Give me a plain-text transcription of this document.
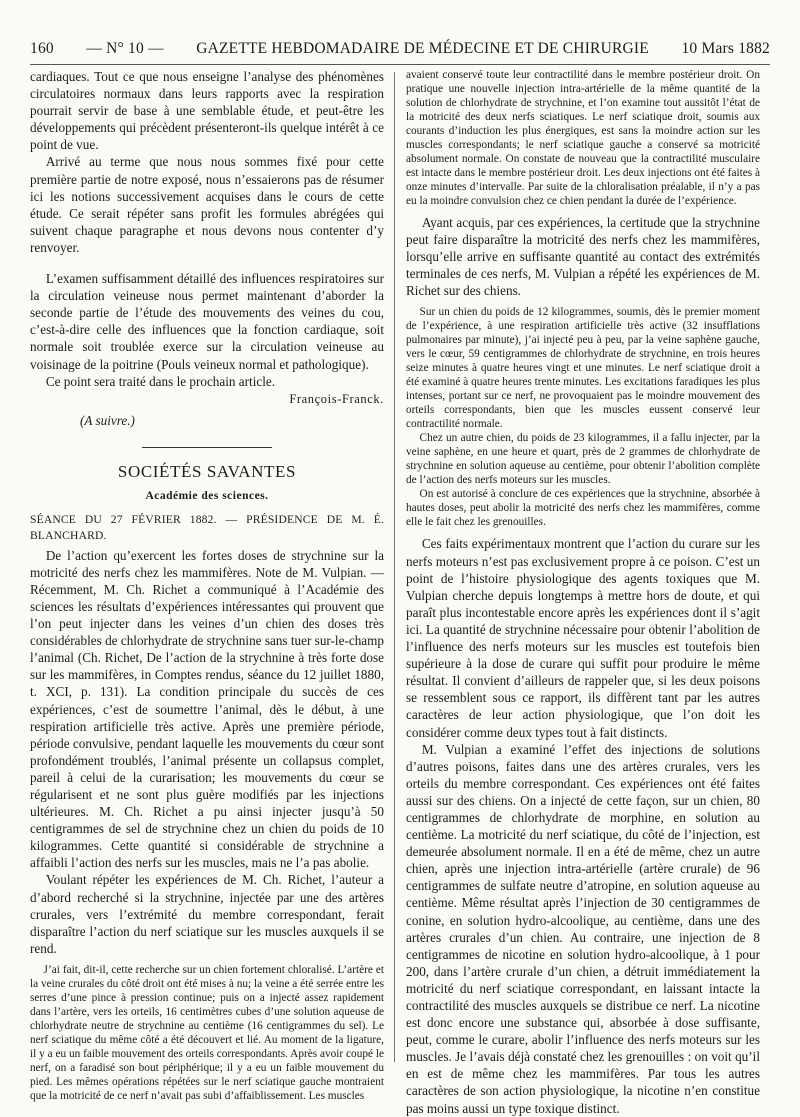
160 — N° 10 — GAZETTE HEBDOMADAIRE DE MÉDECINE ET DE CHIRURGIE 10 Mars 1882

cardiaques. Tout ce que nous enseigne l’analyse des phénomènes circulatoires normaux dans leurs rapports avec la respiration pourrait servir de base à une semblable étude, et peut-être les développements qui précèdent présenteront-ils quelque intérêt à ce point de vue.

Arrivé au terme que nous nous sommes fixé pour cette première partie de notre exposé, nous n’essaierons pas de résumer ici les notions successivement acquises dans le cours de cette étude. Ce serait répéter sans profit les formules abrégées qui suivent chaque paragraphe et nous devons nous contenter d’y renvoyer.

L’examen suffisamment détaillé des influences respiratoires sur la circulation veineuse nous permet maintenant d’aborder la seconde partie de l’étude des mouvements des veines du cou, c’est-à-dire celle des influences que la fonction cardiaque, soit normale soit troublée exerce sur la circulation veineuse au voisinage de la poitrine (Pouls veineux normal et pathologique).

Ce point sera traité dans le prochain article.

François-Franck.
(A suivre.)
SOCIÉTÉS SAVANTES
Académie des sciences.

SÉANCE DU 27 FÉVRIER 1882. — PRÉSIDENCE DE M. É. BLANCHARD.

De l’action qu’exercent les fortes doses de strychnine sur la motricité des nerfs chez les mammifères. Note de M. Vulpian. — Récemment, M. Ch. Richet a communiqué à l’Académie des sciences les résultats d’expériences intéressantes qui prouvent que l’on peut injecter dans les veines d’un chien des doses très considérables de chlorhydrate de strychnine sans tuer sur-le-champ l’animal (Ch. Richet, De l’action de la strychnine à très forte dose sur les mammifères, in Comptes rendus, séance du 12 juillet 1880, t. XCI, p. 131). La condition principale du succès de ces expériences, c’est de soumettre l’animal, dès le début, à une respiration artificielle très active. Après une première période, période convulsive, pendant laquelle les mouvements du cœur sont profondément troublés, l’animal présente un collapsus complet, pareil à celui de la curarisation; les mouvements du cœur se régularisent et ne sont plus guère modifiés par les injections ultérieures. M. Ch. Richet a pu ainsi injecter jusqu’à 50 centigrammes de sel de strychnine chez un chien du poids de 10 kilogrammes. Cette quantité si considérable de strychnine a affaibli l’action des nerfs sur les muscles, mais ne l’a pas abolie.

Voulant répéter les expériences de M. Ch. Richet, l’auteur a d’abord recherché si la strychnine, injectée par une des artères crurales, vers l’extrémité du membre correspondant, ferait disparaître l’action du nerf sciatique sur les muscles auxquels il se rend.

J’ai fait, dit-il, cette recherche sur un chien fortement chloralisé. L’artère et la veine crurales du côté droit ont été mises à nu; la veine a été serrée entre les serres d’une pince à pression continue; puis on a injecté assez rapidement dans l’artère, vers les orteils, 16 centimètres cubes d’une solution aqueuse de chlorhydrate neutre de strychnine au centième (16 centigrammes du sel). Le nerf sciatique du même côté a été découvert et lié. Au moment de la ligature, il y a eu un faible mouvement des orteils correspondants. Après avoir coupé le nerf, on a faradisé son bout périphérique; il y a eu un faible mouvement du pied. Les mêmes opérations répétées sur le nerf sciatique gauche montraient que la motricité de ce nerf n’avait pas subi d’affaiblissement. Les muscles

avaient conservé toute leur contractilité dans le membre postérieur droit. On pratique une nouvelle injection intra-artérielle de la même quantité de la solution de chlorhydrate de strychnine, et l’on examine tout aussitôt l’état de la motricité des deux nerfs sciatiques. Le nerf sciatique droit, soumis aux courants d’induction les plus énergiques, est sans la moindre action sur les muscles correspondants; le nerf sciatique gauche a conservé sa motricité absolument normale. On constate de nouveau que la contractilité musculaire est intacte dans le membre postérieur droit. Les deux injections ont été faites à onze minutes d’intervalle. Par suite de la chloralisation préalable, il n’y a pas eu la moindre convulsion chez ce chien pendant la durée de l’expérience.

Ayant acquis, par ces expériences, la certitude que la strychnine peut faire disparaître la motricité des nerfs chez les mammifères, lorsqu’elle arrive en suffisante quantité au contact des extrémités terminales de ces nerfs, M. Vulpian a répété les expériences de M. Richet sur des chiens.

Sur un chien du poids de 12 kilogrammes, soumis, dès le premier moment de l’expérience, à une respiration artificielle très active (32 insufflations pulmonaires par minute), j’ai injecté peu à peu, par la veine saphène gauche, vers le cœur, 59 centigrammes de chlorhydrate de strychnine, en trois heures seize minutes à quatre heures vingt et une minutes. Le nerf sciatique droit a été examiné à quatre heures trente minutes. Les excitations faradiques les plus intenses, portant sur ce nerf, ne provoquaient pas le moindre mouvement des orteils correspondants, bien que les muscles eussent conservé leur contractilité normale.

Chez un autre chien, du poids de 23 kilogrammes, il a fallu injecter, par la veine saphène, en une heure et quart, près de 2 grammes de chlorhydrate de strychnine en solution aqueuse au centième, pour obtenir l’abolition complète de l’action des nerfs moteurs sur les muscles.

On est autorisé à conclure de ces expériences que la strychnine, absorbée à hautes doses, peut abolir la motricité des nerfs chez les mammifères, comme elle le fait chez les grenouilles.

Ces faits expérimentaux montrent que l’action du curare sur les nerfs moteurs n’est pas exclusivement propre à ce poison. C’est un point de l’histoire physiologique des agents toxiques que M. Vulpian cherche depuis longtemps à mettre hors de doute, et qui paraît plus incontestable encore après les expériences dont il s’agit ici. La quantité de strychnine nécessaire pour obtenir l’abolition de l’influence des nerfs moteurs sur les muscles est toutefois bien supérieure à la dose de curare qui suffit pour produire le même résultat. Il convient d’ailleurs de rappeler que, si les deux poisons se ressemblent sous ce rapport, ils diffèrent tant par les autres caractères de leur action physiologique, que l’on doit les considérer comme deux types tout à fait distincts.

M. Vulpian a examiné l’effet des injections de solutions d’autres poisons, faites dans une des artères crurales, vers les orteils du membre correspondant. Ces expériences ont été faites aussi sur des chiens. On a injecté de cette façon, sur un chien, 80 centigrammes de chlorhydrate de morphine, en solution au centième. La motricité du nerf sciatique, du côté de l’injection, est demeurée absolument normale. Il en a été de même, chez un autre chien, après une injection intra-artérielle (artère crurale) de 96 centigrammes de sulfate neutre d’atropine, en solution aqueuse au centième. Même résultat après l’injection de 30 centigrammes de conine, en solution hydro-alcoolique, au centième, dans une des artères crurales d’un chien. Au contraire, une injection de 8 centigrammes de nicotine en solution hydro-alcoolique, à 1 pour 200, dans l’artère crurale d’un chien, a détruit immédiatement la motricité du nerf sciatique correspondant, en laissant intacte la contractilité des muscles auxquels se distribue ce nerf. La nicotine est donc encore une substance qui, absorbée à dose suffisante, peut, comme le curare, abolir l’influence des nerfs moteurs sur les muscles. Je l’avais déjà constaté chez les grenouilles : on voit qu’il en est de même chez les mammifères. Par tous les autres caractères de son action physiologique, la nicotine n’en constitue pas moins aussi un type toxique distinct.
